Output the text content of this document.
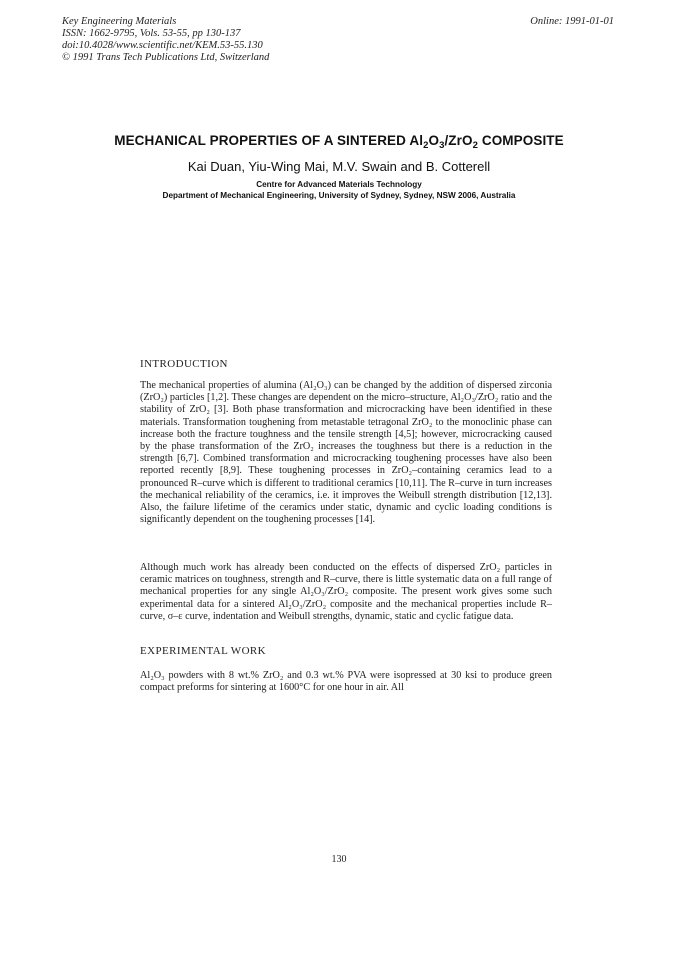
Key Engineering Materials
ISSN: 1662-9795, Vols. 53-55, pp 130-137
doi:10.4028/www.scientific.net/KEM.53-55.130
© 1991 Trans Tech Publications Ltd, Switzerland
Online: 1991-01-01
MECHANICAL PROPERTIES OF A SINTERED $Al_2O_3/ZrO_2$ COMPOSITE
Kai Duan, Yiu-Wing Mai, M.V. Swain and B. Cotterell
Centre for Advanced Materials Technology
Department of Mechanical Engineering, University of Sydney, Sydney, NSW 2006, Australia
INTRODUCTION

The mechanical properties of alumina (Al₂O₃) can be changed by the addition of dispersed zirconia (ZrO₂) particles [1,2]. These changes are dependent on the micro–structure, Al₂O₃/ZrO₂ ratio and the stability of ZrO₂ [3]. Both phase transformation and microcracking have been identified in these materials. Transformation toughening from metastable tetragonal ZrO₂ to the monoclinic phase can increase both the fracture toughness and the tensile strength [4,5]; however, microcracking caused by the phase transformation of the ZrO₂ increases the toughness but there is a reduction in the strength [6,7]. Combined transformation and microcracking toughening processes have also been reported recently [8,9]. These toughening processes in ZrO₂–containing ceramics lead to a pronounced R–curve which is different to traditional ceramics [10,11]. The R–curve in turn increases the mechanical reliability of the ceramics, i.e. it improves the Weibull strength distribution [12,13]. Also, the failure lifetime of the ceramics under static, dynamic and cyclic loading conditions is significantly dependent on the toughening processes [14].

Although much work has already been conducted on the effects of dispersed ZrO₂ particles in ceramic matrices on toughness, strength and R–curve, there is little systematic data on a full range of mechanical properties for any single Al₂O₃/ZrO₂ composite. The present work gives some such experimental data for a sintered Al₂O₃/ZrO₂ composite and the mechanical properties include R–curve, σ–ε curve, indentation and Weibull strengths, dynamic, static and cyclic fatigue data.

EXPERIMENTAL WORK

Al₂O₃ powders with 8 wt.% ZrO₂ and 0.3 wt.% PVA were isopressed at 30 ksi to produce green compact preforms for sintering at 1600°C for one hour in air. All

130
